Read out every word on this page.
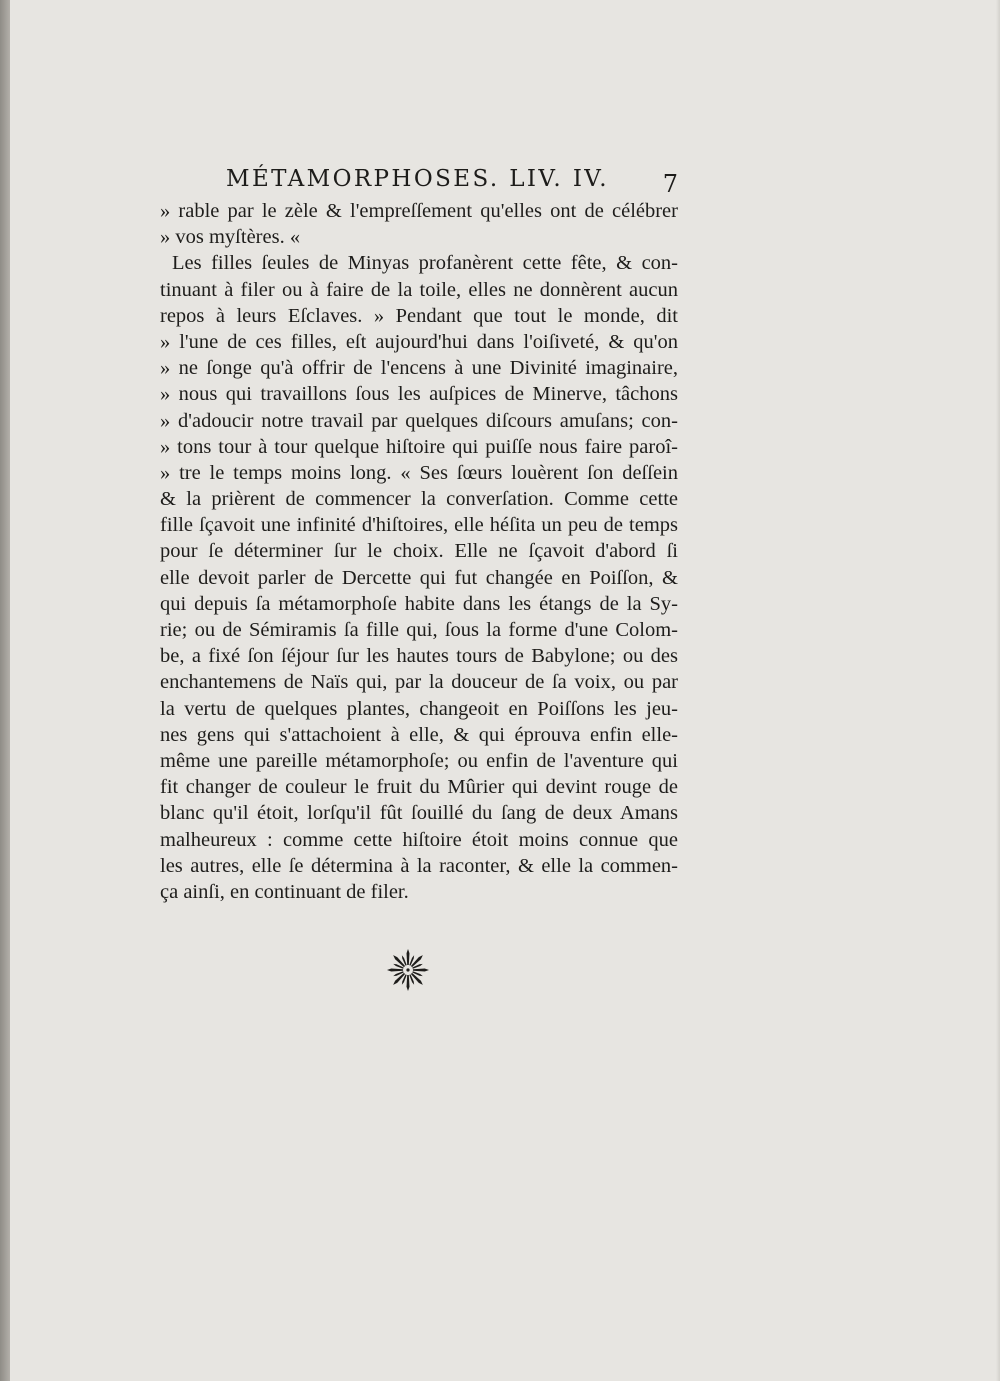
MÉTAMORPHOSES. LIV. IV. 7
» rable par le zèle & l'empreſſement qu'elles ont de célébrer
» vos myſtères. «
Les filles ſeules de Minyas profanèrent cette fête, & con-
tinuant à filer ou à faire de la toile, elles ne donnèrent aucun
repos à leurs Eſclaves. » Pendant que tout le monde, dit
» l'une de ces filles, eſt aujourd'hui dans l'oiſiveté, & qu'on
» ne ſonge qu'à offrir de l'encens à une Divinité imaginaire,
» nous qui travaillons ſous les auſpices de Minerve, tâchons
» d'adoucir notre travail par quelques diſcours amuſans; con-
» tons tour à tour quelque hiſtoire qui puiſſe nous faire paroî-
» tre le temps moins long. « Ses ſœurs louèrent ſon deſſein
& la prièrent de commencer la converſation. Comme cette
fille ſçavoit une infinité d'hiſtoires, elle héſita un peu de temps
pour ſe déterminer ſur le choix. Elle ne ſçavoit d'abord ſi
elle devoit parler de Dercette qui fut changée en Poiſſon, &
qui depuis ſa métamorphoſe habite dans les étangs de la Sy-
rie; ou de Sémiramis ſa fille qui, ſous la forme d'une Colom-
be, a fixé ſon ſéjour ſur les hautes tours de Babylone; ou des
enchantemens de Naïs qui, par la douceur de ſa voix, ou par
la vertu de quelques plantes, changeoit en Poiſſons les jeu-
nes gens qui s'attachoient à elle, & qui éprouva enfin elle-
même une pareille métamorphoſe; ou enfin de l'aventure qui
fit changer de couleur le fruit du Mûrier qui devint rouge de
blanc qu'il étoit, lorſqu'il fût ſouillé du ſang de deux Amans
malheureux : comme cette hiſtoire étoit moins connue que
les autres, elle ſe détermina à la raconter, & elle la commen-
ça ainſi, en continuant de filer.
